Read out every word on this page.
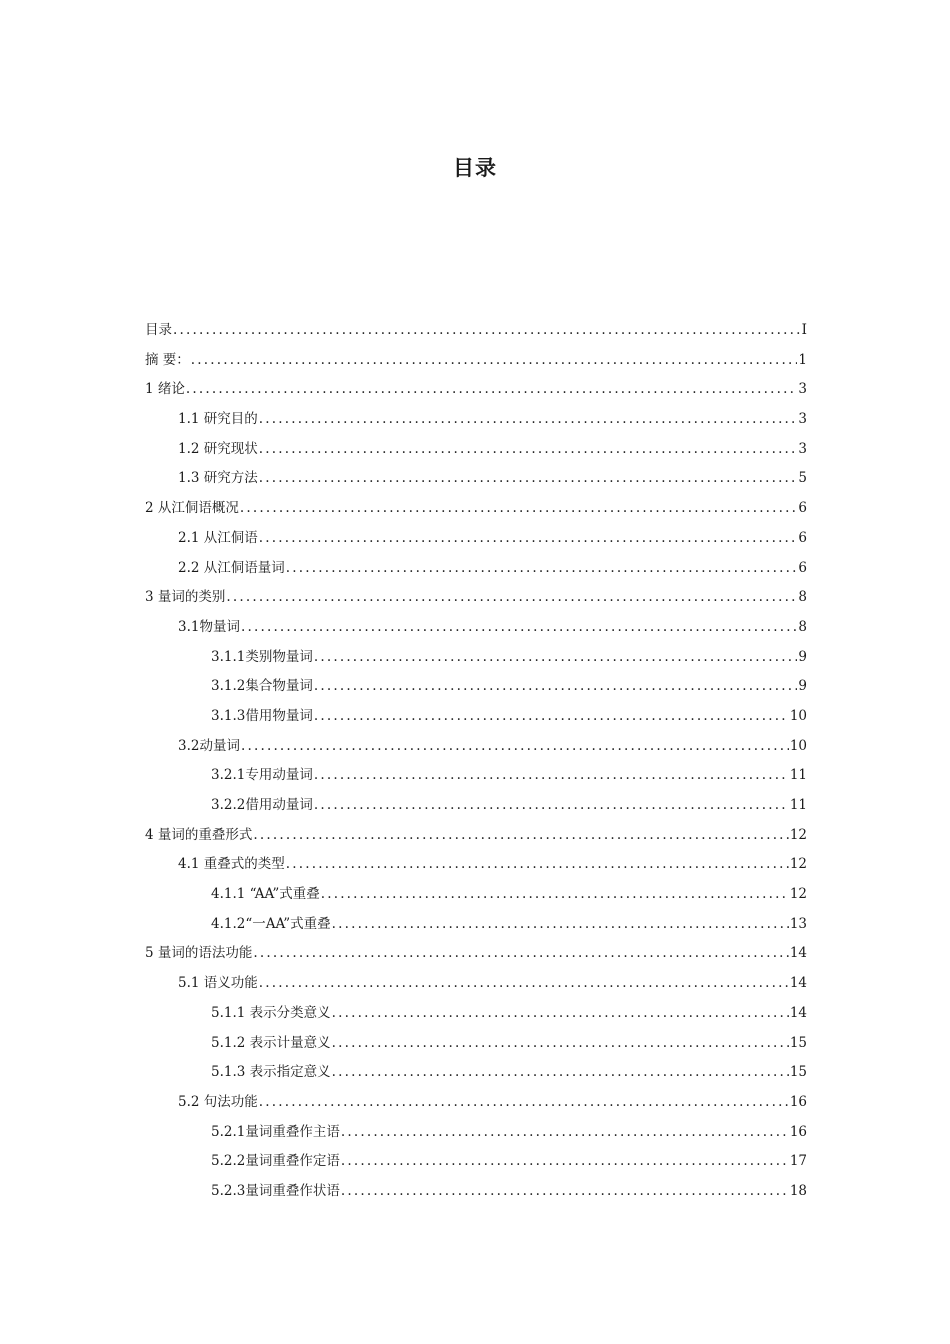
目录
目录 .....	I
摘 要： .....	1
1 绪论 .....	3
1.1 研究目的 .....	3
1.2 研究现状 .....	3
1.3 研究方法 .....	5
2 从江侗语概况 .....	6
2.1 从江侗语 .....	6
2.2 从江侗语量词 .....	6
3 量词的类别 .....	8
3.1物量词 .....	8
3.1.1类别物量词 .....	9
3.1.2集合物量词 .....	9
3.1.3借用物量词 .....	10
3.2动量词 .....	10
3.2.1专用动量词 .....	11
3.2.2借用动量词 .....	11
4 量词的重叠形式 .....	12
4.1 重叠式的类型 .....	12
4.1.1 “AA”式重叠 .....	12
4.1.2“一AA”式重叠 .....	13
5 量词的语法功能 .....	14
5.1 语义功能 .....	14
5.1.1 表示分类意义 .....	14
5.1.2 表示计量意义 .....	15
5.1.3 表示指定意义 .....	15
5.2 句法功能 .....	16
5.2.1量词重叠作主语 .....	16
5.2.2量词重叠作定语 .....	17
5.2.3量词重叠作状语 .....	18
